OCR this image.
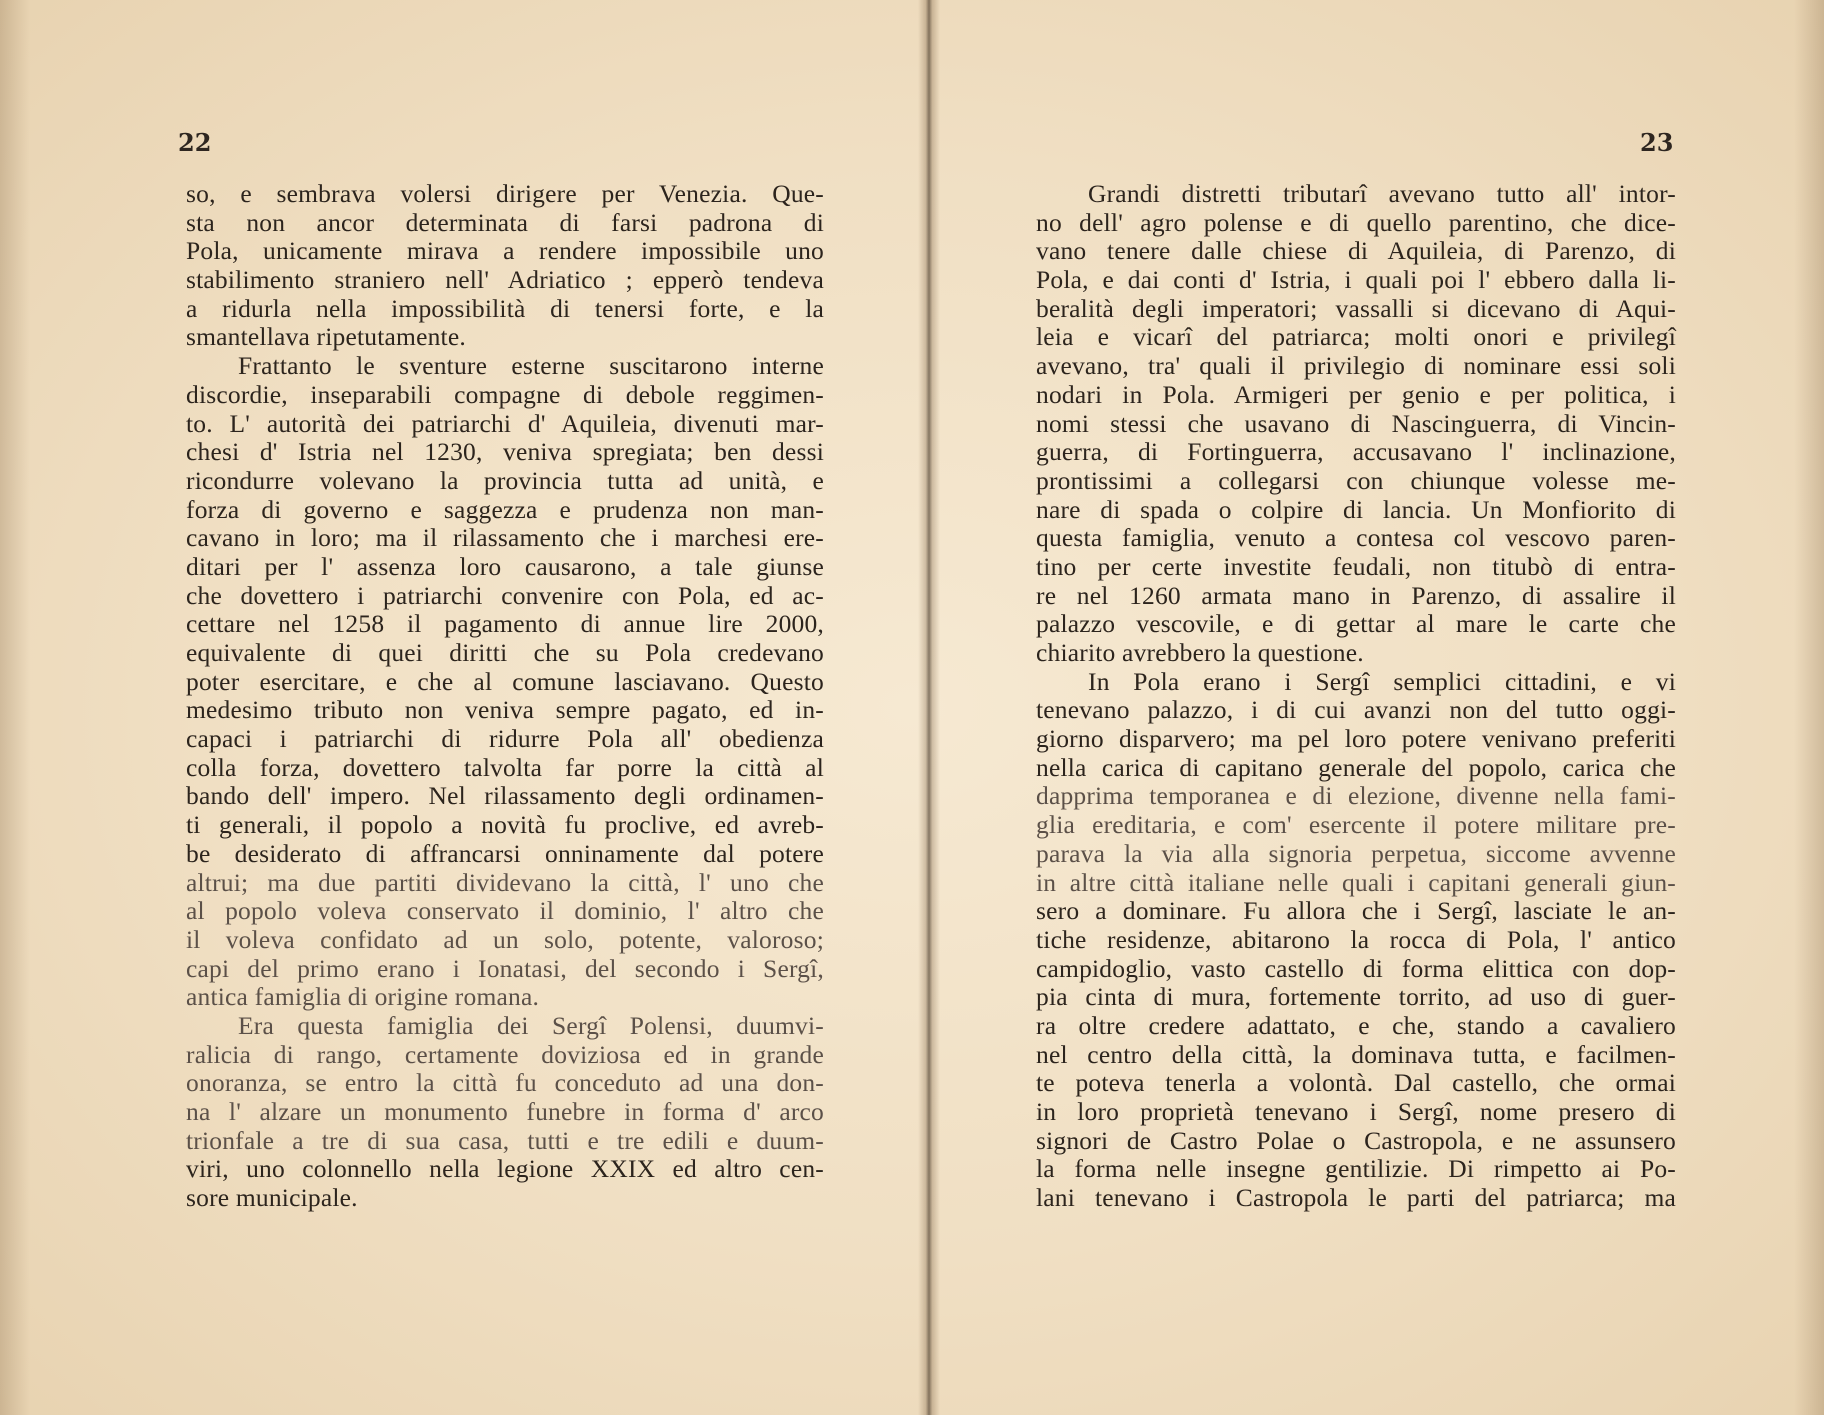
22
so, e sembrava volersi dirigere per Venezia. Que-
sta non ancor determinata di farsi padrona di
Pola, unicamente mirava a rendere impossibile uno
stabilimento straniero nell' Adriatico ; epperò tendeva
a ridurla nella impossibilità di tenersi forte, e la
smantellava ripetutamente.
Frattanto le sventure esterne suscitarono interne
discordie, inseparabili compagne di debole reggimen-
to. L' autorità dei patriarchi d' Aquileia, divenuti mar-
chesi d' Istria nel 1230, veniva spregiata; ben dessi
ricondurre volevano la provincia tutta ad unità, e
forza di governo e saggezza e prudenza non man-
cavano in loro; ma il rilassamento che i marchesi ere-
ditari per l' assenza loro causarono, a tale giunse
che dovettero i patriarchi convenire con Pola, ed ac-
cettare nel 1258 il pagamento di annue lire 2000,
equivalente di quei diritti che su Pola credevano
poter esercitare, e che al comune lasciavano. Questo
medesimo tributo non veniva sempre pagato, ed in-
capaci i patriarchi di ridurre Pola all' obedienza
colla forza, dovettero talvolta far porre la città al
bando dell' impero. Nel rilassamento degli ordinamen-
ti generali, il popolo a novità fu proclive, ed avreb-
be desiderato di affrancarsi onninamente dal potere
altrui; ma due partiti dividevano la città, l' uno che
al popolo voleva conservato il dominio, l' altro che
il voleva confidato ad un solo, potente, valoroso;
capi del primo erano i Ionatasi, del secondo i Sergî,
antica famiglia di origine romana.
Era questa famiglia dei Sergî Polensi, duumvi-
ralicia di rango, certamente doviziosa ed in grande
onoranza, se entro la città fu conceduto ad una don-
na l' alzare un monumento funebre in forma d' arco
trionfale a tre di sua casa, tutti e tre edili e duum-
viri, uno colonnello nella legione XXIX ed altro cen-
sore municipale.
23
Grandi distretti tributarî avevano tutto all' intor-
no dell' agro polense e di quello parentino, che dice-
vano tenere dalle chiese di Aquileia, di Parenzo, di
Pola, e dai conti d' Istria, i quali poi l' ebbero dalla li-
beralità degli imperatori; vassalli si dicevano di Aqui-
leia e vicarî del patriarca; molti onori e privilegî
avevano, tra' quali il privilegio di nominare essi soli
nodari in Pola. Armigeri per genio e per politica, i
nomi stessi che usavano di Nascinguerra, di Vincin-
guerra, di Fortinguerra, accusavano l' inclinazione,
prontissimi a collegarsi con chiunque volesse me-
nare di spada o colpire di lancia. Un Monfiorito di
questa famiglia, venuto a contesa col vescovo paren-
tino per certe investite feudali, non titubò di entra-
re nel 1260 armata mano in Parenzo, di assalire il
palazzo vescovile, e di gettar al mare le carte che
chiarito avrebbero la questione.
In Pola erano i Sergî semplici cittadini, e vi
tenevano palazzo, i di cui avanzi non del tutto oggi-
giorno disparvero; ma pel loro potere venivano preferiti
nella carica di capitano generale del popolo, carica che
dapprima temporanea e di elezione, divenne nella fami-
glia ereditaria, e com' esercente il potere militare pre-
parava la via alla signoria perpetua, siccome avvenne
in altre città italiane nelle quali i capitani generali giun-
sero a dominare. Fu allora che i Sergî, lasciate le an-
tiche residenze, abitarono la rocca di Pola, l' antico
campidoglio, vasto castello di forma elittica con dop-
pia cinta di mura, fortemente torrito, ad uso di guer-
ra oltre credere adattato, e che, stando a cavaliero
nel centro della città, la dominava tutta, e facilmen-
te poteva tenerla a volontà. Dal castello, che ormai
in loro proprietà tenevano i Sergî, nome presero di
signori de Castro Polae o Castropola, e ne assunsero
la forma nelle insegne gentilizie. Di rimpetto ai Po-
lani tenevano i Castropola le parti del patriarca; ma
